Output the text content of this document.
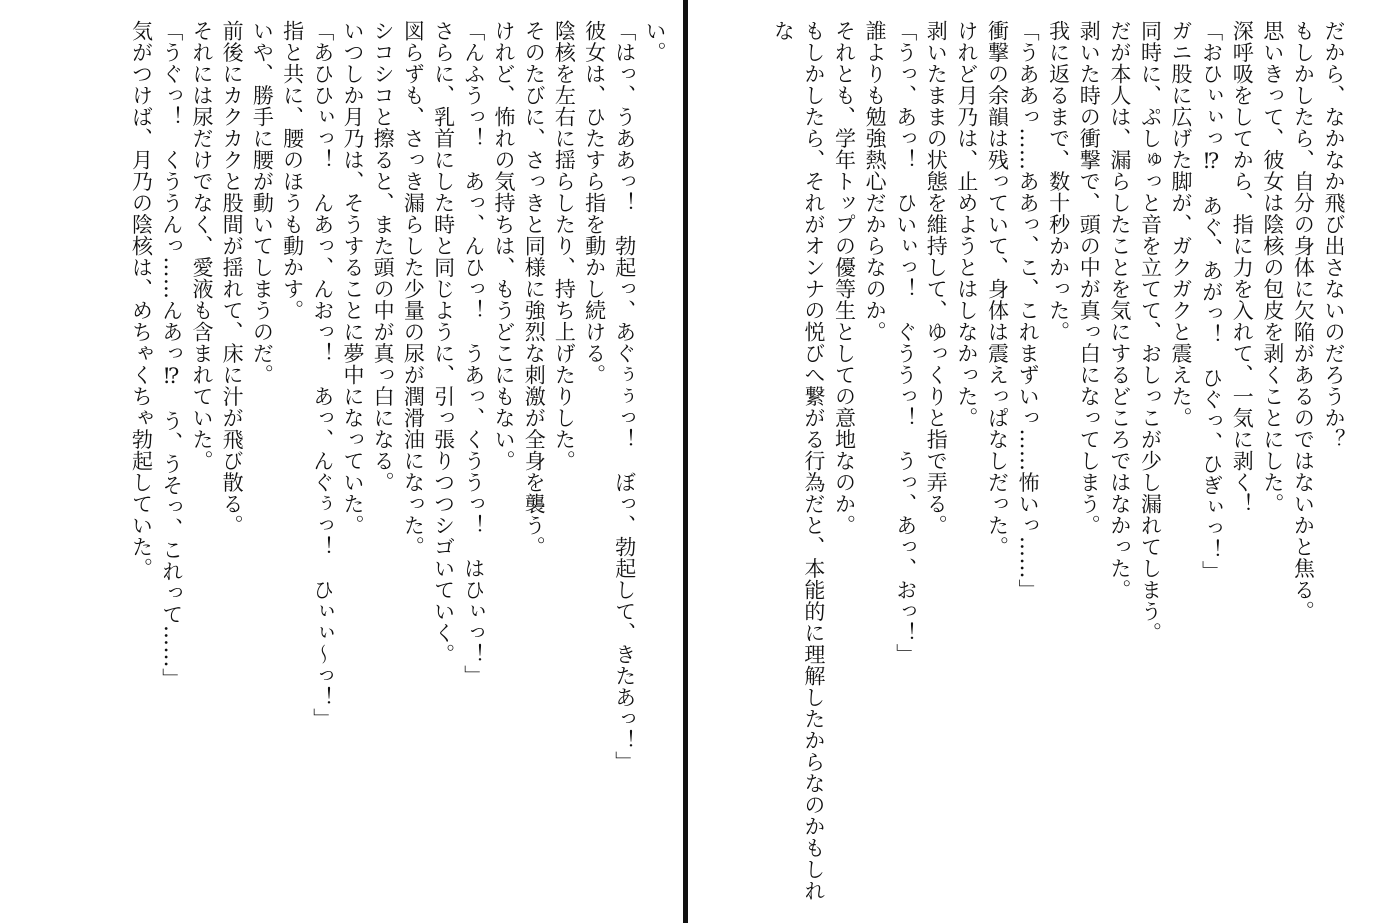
い。

「はっ、うああっ！　勃起っ、あぐぅぅっ！　ぼっ、勃起して、きたあっ！」

彼女は、ひたすら指を動かし続ける。

陰核を左右に揺らしたり、持ち上げたりした。

そのたびに、さっきと同様に強烈な刺激が全身を襲う。

けれど、怖れの気持ちは、もうどこにもない。

「んふうっ！　あっ、んひっ！　うあっ、くううっ！　はひぃっ！」

さらに、乳首にした時と同じように、引っ張りつつシゴいていく。

図らずも、さっき漏らした少量の尿が潤滑油になった。

シコシコと擦ると、また頭の中が真っ白になる。

いつしか月乃は、そうすることに夢中になっていた。

「あひひぃっ！　んあっ、んおっ！　あっ、んぐぅっ！　ひぃぃ〜っ！」

指と共に、腰のほうも動かす。

いや、勝手に腰が動いてしまうのだ。

前後にカクカクと股間が揺れて、床に汁が飛び散る。

それには尿だけでなく、愛液も含まれていた。

「うぐっ！　くううんっ……んあっ⁉　う、うそっ、これって……」

気がつけば、月乃の陰核は、めちゃくちゃ勃起していた。	だから、なかなか飛び出さないのだろうか？

もしかしたら、自分の身体に欠陥があるのではないかと焦る。

思いきって、彼女は陰核の包皮を剥くことにした。

深呼吸をしてから、指に力を入れて、一気に剥く！

「おひぃぃっ⁉　あぐ、あがっ！　ひぐっ、ひぎぃっ！」

ガニ股に広げた脚が、ガクガクと震えた。

同時に、ぷしゅっと音を立てて、おしっこが少し漏れてしまう。

だが本人は、漏らしたことを気にするどころではなかった。

剥いた時の衝撃で、頭の中が真っ白になってしまう。

我に返るまで、数十秒かかった。

「うああっ……ああっ、こ、これまずいっ……怖いっ……」

衝撃の余韻は残っていて、身体は震えっぱなしだった。

けれど月乃は、止めようとはしなかった。

剥いたままの状態を維持して、ゆっくりと指で弄る。

「うっ、あっ！　ひいぃっ！　ぐううっ！　うっ、あっ、おっ！」

誰よりも勉強熱心だからなのか。

それとも、学年トップの優等生としての意地なのか。

もしかしたら、それがオンナの悦びへ繋がる行為だと、本能的に理解したからなのかもしれな
